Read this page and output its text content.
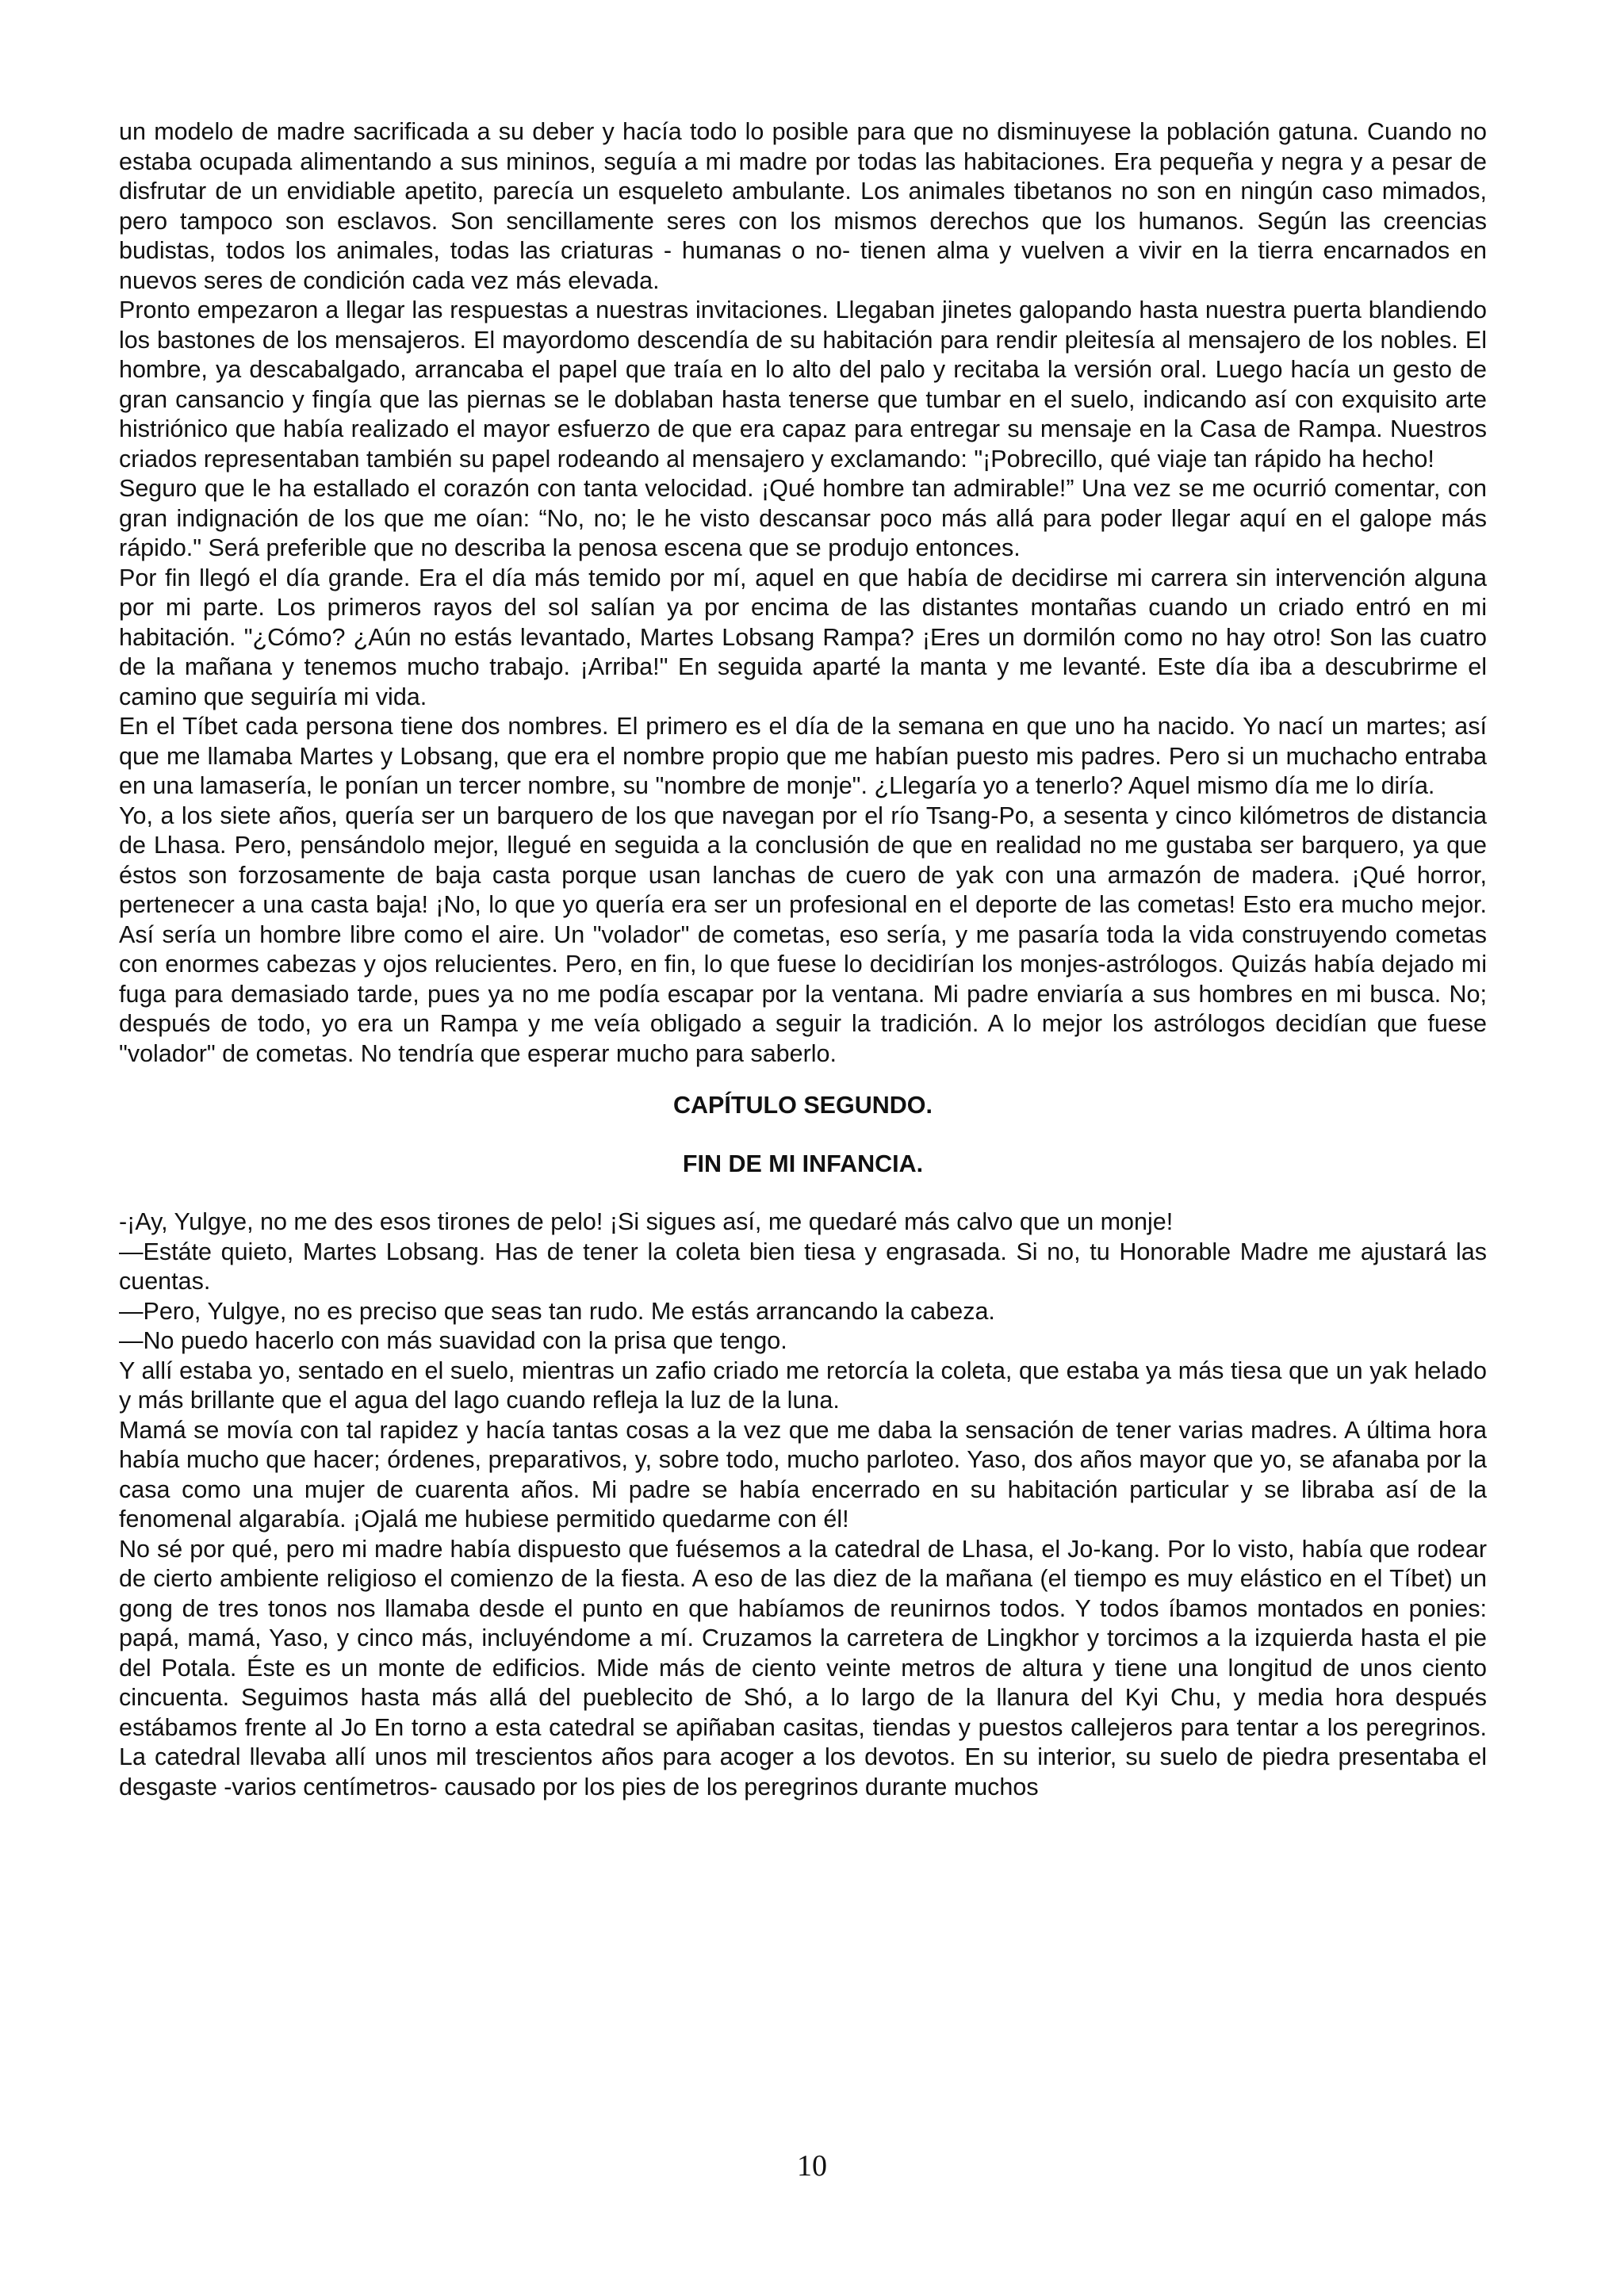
un modelo de madre sacrificada a su deber y hacía todo lo posible para que no disminuyese la población gatuna. Cuando no estaba ocupada alimentando a sus mininos, seguía a mi madre por todas las habitaciones. Era pequeña y negra y a pesar de disfrutar de un envidiable apetito, parecía un esqueleto ambulante. Los animales tibetanos no son en ningún caso mimados, pero tampoco son esclavos. Son sencillamente seres con los mismos derechos que los humanos. Según las creencias budistas, todos los animales, todas las criaturas - humanas o no- tienen alma y vuelven a vivir en la tierra encarnados en nuevos seres de condición cada vez más elevada.

Pronto empezaron a llegar las respuestas a nuestras invitaciones. Llegaban jinetes galopando hasta nuestra puerta blandiendo los bastones de los mensajeros. El mayordomo descendía de su habitación para rendir pleitesía al mensajero de los nobles. El hombre, ya descabalgado, arrancaba el papel que traía en lo alto del palo y recitaba la versión oral. Luego hacía un gesto de gran cansancio y fingía que las piernas se le doblaban hasta tenerse que tumbar en el suelo, indicando así con exquisito arte histriónico que había realizado el mayor esfuerzo de que era capaz para entregar su mensaje en la Casa de Rampa. Nuestros criados representaban también su papel rodeando al mensajero y exclamando: "¡Pobrecillo, qué viaje tan rápido ha hecho!

Seguro que le ha estallado el corazón con tanta velocidad. ¡Qué hombre tan admirable!” Una vez se me ocurrió comentar, con gran indignación de los que me oían: “No, no; le he visto descansar poco más allá para poder llegar aquí en el galope más rápido." Será preferible que no describa la penosa escena que se produjo entonces.

Por fin llegó el día grande. Era el día más temido por mí, aquel en que había de decidirse mi carrera sin intervención alguna por mi parte. Los primeros rayos del sol salían ya por encima de las distantes montañas cuando un criado entró en mi habitación. "¿Cómo? ¿Aún no estás levantado, Martes Lobsang Rampa? ¡Eres un dormilón como no hay otro! Son las cuatro de la mañana y tenemos mucho trabajo. ¡Arriba!" En seguida aparté la manta y me levanté. Este día iba a descubrirme el camino que seguiría mi vida.

En el Tíbet cada persona tiene dos nombres. El primero es el día de la semana en que uno ha nacido. Yo nací un martes; así que me llamaba Martes y Lobsang, que era el nombre propio que me habían puesto mis padres. Pero si un muchacho entraba en una lamasería, le ponían un tercer nombre, su "nombre de monje". ¿Llegaría yo a tenerlo? Aquel mismo día me lo diría.

Yo, a los siete años, quería ser un barquero de los que navegan por el río Tsang-Po, a sesenta y cinco kilómetros de distancia de Lhasa. Pero, pensándolo mejor, llegué en seguida a la conclusión de que en realidad no me gustaba ser barquero, ya que éstos son forzosamente de baja casta porque usan lanchas de cuero de yak con una armazón de madera. ¡Qué horror, pertenecer a una casta baja! ¡No, lo que yo quería era ser un profesional en el deporte de las cometas! Esto era mucho mejor. Así sería un hombre libre como el aire. Un "volador" de cometas, eso sería, y me pasaría toda la vida construyendo cometas con enormes cabezas y ojos relucientes. Pero, en fin, lo que fuese lo decidirían los monjes-astrólogos. Quizás había dejado mi fuga para demasiado tarde, pues ya no me podía escapar por la ventana. Mi padre enviaría a sus hombres en mi busca. No; después de todo, yo era un Rampa y me veía obligado a seguir la tradición. A lo mejor los astrólogos decidían que fuese "volador" de cometas. No tendría que esperar mucho para saberlo.

CAPÍTULO SEGUNDO.
FIN DE MI INFANCIA.

-¡Ay, Yulgye, no me des esos tirones de pelo! ¡Si sigues así, me quedaré más calvo que un monje!

—Estáte quieto, Martes Lobsang. Has de tener la coleta bien tiesa y engrasada. Si no, tu Honorable Madre me ajustará las cuentas.

—Pero, Yulgye, no es preciso que seas tan rudo. Me estás arrancando la cabeza.

—No puedo hacerlo con más suavidad con la prisa que tengo.

Y allí estaba yo, sentado en el suelo, mientras un zafio criado me retorcía la coleta, que estaba ya más tiesa que un yak helado y más brillante que el agua del lago cuando refleja la luz de la luna.

Mamá se movía con tal rapidez y hacía tantas cosas a la vez que me daba la sensación de tener varias madres. A última hora había mucho que hacer; órdenes, preparativos, y, sobre todo, mucho parloteo. Yaso, dos años mayor que yo, se afanaba por la casa como una mujer de cuarenta años. Mi padre se había encerrado en su habitación particular y se libraba así de la fenomenal algarabía. ¡Ojalá me hubiese permitido quedarme con él!

No sé por qué, pero mi madre había dispuesto que fuésemos a la catedral de Lhasa, el Jo-kang. Por lo visto, había que rodear de cierto ambiente religioso el comienzo de la fiesta. A eso de las diez de la mañana (el tiempo es muy elástico en el Tíbet) un gong de tres tonos nos llamaba desde el punto en que habíamos de reunirnos todos. Y todos íbamos montados en ponies: papá, mamá, Yaso, y cinco más, incluyéndome a mí. Cruzamos la carretera de Lingkhor y torcimos a la izquierda hasta el pie del Potala. Éste es un monte de edificios. Mide más de ciento veinte metros de altura y tiene una longitud de unos ciento cincuenta. Seguimos hasta más allá del pueblecito de Shó, a lo largo de la llanura del Kyi Chu, y media hora después estábamos frente al Jo En torno a esta catedral se apiñaban casitas, tiendas y puestos callejeros para tentar a los peregrinos. La catedral llevaba allí unos mil trescientos años para acoger a los devotos. En su interior, su suelo de piedra presentaba el desgaste -varios centímetros- causado por los pies de los peregrinos durante muchos

10
